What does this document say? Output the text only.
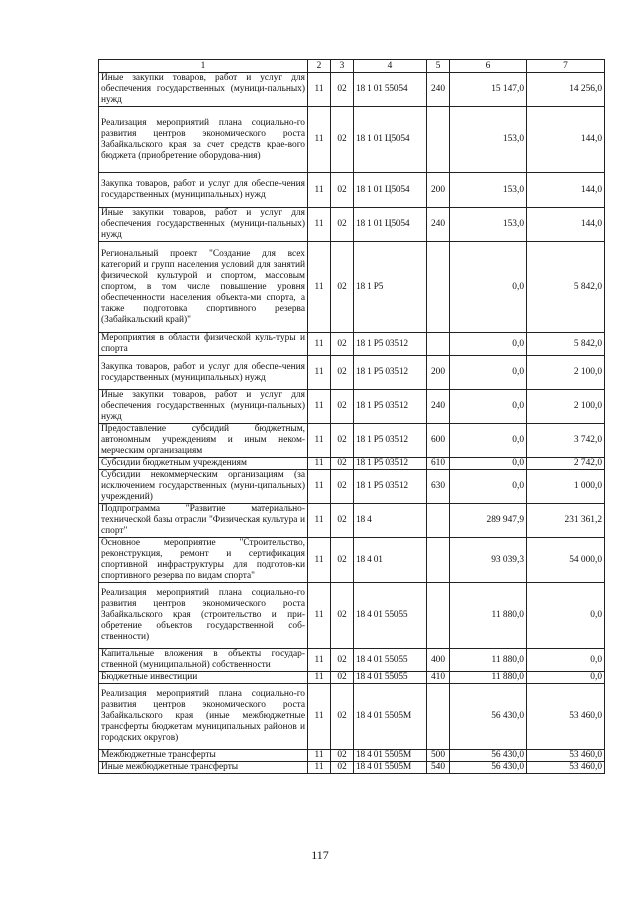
1	2	3	4	5	6	7
Иные закупки товаров, работ и услуг для обеспечения государственных (муници-пальных) нужд	11	02	18 1 01 55054	240	15 147,0	14 256,0
Реализация мероприятий плана социально-го развития центров экономического роста Забайкальского края за счет средств крае-вого бюджета (приобретение оборудова-ния)	11	02	18 1 01 Ц5054		153,0	144,0
Закупка товаров, работ и услуг для обеспе-чения государственных (муниципальных) нужд	11	02	18 1 01 Ц5054	200	153,0	144,0
Иные закупки товаров, работ и услуг для обеспечения государственных (муници-пальных) нужд	11	02	18 1 01 Ц5054	240	153,0	144,0
Региональный проект "Создание для всех категорий и групп населения условий для занятий физической культурой и спортом, массовым спортом, в том числе повышение уровня обеспеченности населения объекта-ми спорта, а также подготовка спортивного резерва (Забайкальский край)"	11	02	18 1 P5		0,0	5 842,0
Мероприятия в области физической куль-туры и спорта	11	02	18 1 P5 03512		0,0	5 842,0
Закупка товаров, работ и услуг для обеспе-чения государственных (муниципальных) нужд	11	02	18 1 P5 03512	200	0,0	2 100,0
Иные закупки товаров, работ и услуг для обеспечения государственных (муници-пальных) нужд	11	02	18 1 P5 03512	240	0,0	2 100,0
Предоставление субсидий бюджетным, автономным учреждениям и иным неком-мерческим организациям	11	02	18 1 P5 03512	600	0,0	3 742,0
Субсидии бюджетным учреждениям	11	02	18 1 P5 03512	610	0,0	2 742,0
Субсидии некоммерческим организациям (за исключением государственных (муни-ципальных) учреждений)	11	02	18 1 P5 03512	630	0,0	1 000,0
Подпрограмма "Развитие материально-технической базы отрасли "Физическая культура и спорт"	11	02	18 4		289 947,9	231 361,2
Основное мероприятие "Строительство, реконструкция, ремонт и сертификация спортивной инфраструктуры для подготов-ки спортивного резерва по видам спорта"	11	02	18 4 01		93 039,3	54 000,0
Реализация мероприятий плана социально-го развития центров экономического роста Забайкальского края (строительство и при-обретение объектов государственной соб-ственности)	11	02	18 4 01 55055		11 880,0	0,0
Капитальные вложения в объекты государ-ственной (муниципальной) собственности	11	02	18 4 01 55055	400	11 880,0	0,0
Бюджетные инвестиции	11	02	18 4 01 55055	410	11 880,0	0,0
Реализация мероприятий плана социально-го развития центров экономического роста Забайкальского края (иные межбюджетные трансферты бюджетам муниципальных районов и городских округов)	11	02	18 4 01 5505M		56 430,0	53 460,0
Межбюджетные трансферты	11	02	18 4 01 5505M	500	56 430,0	53 460,0
Иные межбюджетные трансферты	11	02	18 4 01 5505M	540	56 430,0	53 460,0
117
